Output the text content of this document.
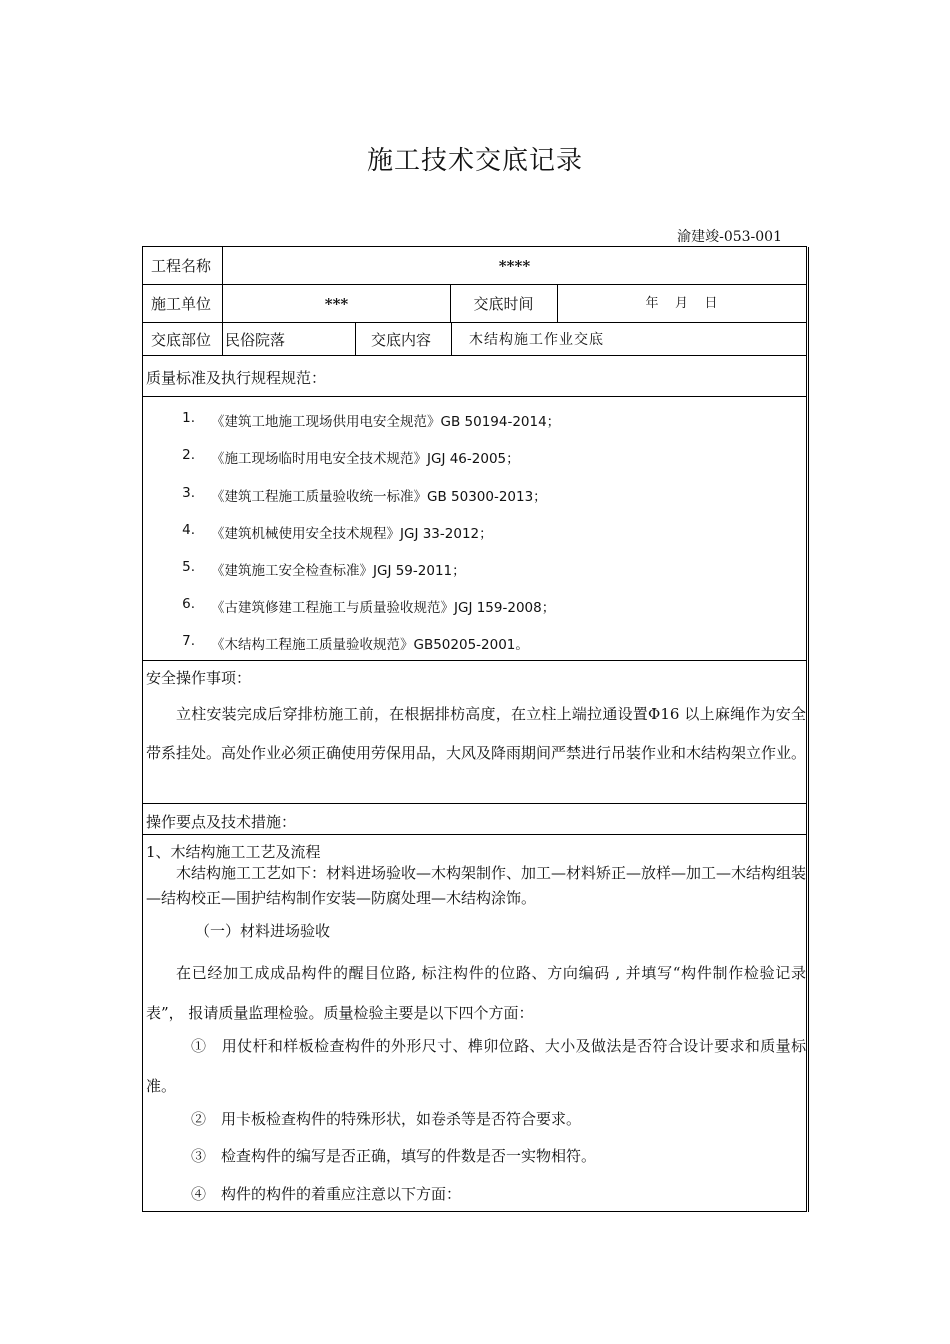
施工技术交底记录
渝建竣-053-001
工程名称	****
施工单位	***	交底时间	年    月    日
交底部位 民俗院落	交底内容	木结构施工作业交底
质量标准及执行规程规范：
1. 《建筑工地施工现场供用电安全规范》GB 50194-2014；
2. 《施工现场临时用电安全技术规范》JGJ 46-2005；
3. 《建筑工程施工质量验收统一标准》GB 50300-2013；
4. 《建筑机械使用安全技术规程》JGJ 33-2012；
5. 《建筑施工安全检查标准》JGJ 59-2011；
6. 《古建筑修建工程施工与质量验收规范》JGJ 159-2008；
7. 《木结构工程施工质量验收规范》GB50205-2001。
安全操作事项：
立柱安装完成后穿排枋施工前，在根据排枋高度，在立柱上端拉通设置Φ16 以上麻绳作为安全带系挂处。高处作业必须正确使用劳保用品，大风及降雨期间严禁进行吊装作业和木结构架立作业。
操作要点及技术措施：
1、木结构施工工艺及流程
木结构施工工艺如下：材料进场验收—木构架制作、加工—材料矫正—放样—加工—木结构组装—结构校正—围护结构制作安装—防腐处理—木结构涂饰。
（一）材料进场验收
在已经加工成成品构件的醒目位路, 标注构件的位路、方向编码 , 并填写“构件制作检验记录表”， 报请质量监理检验。质量检验主要是以下四个方面：
①　用仗杆和样板检查构件的外形尺寸、榫卯位路、大小及做法是否符合设计要求和质量标准。
②　用卡板检查构件的特殊形状，如卷杀等是否符合要求。
③　检查构件的编写是否正确，填写的件数是否一实物相符。
④　构件的构件的着重应注意以下方面：
